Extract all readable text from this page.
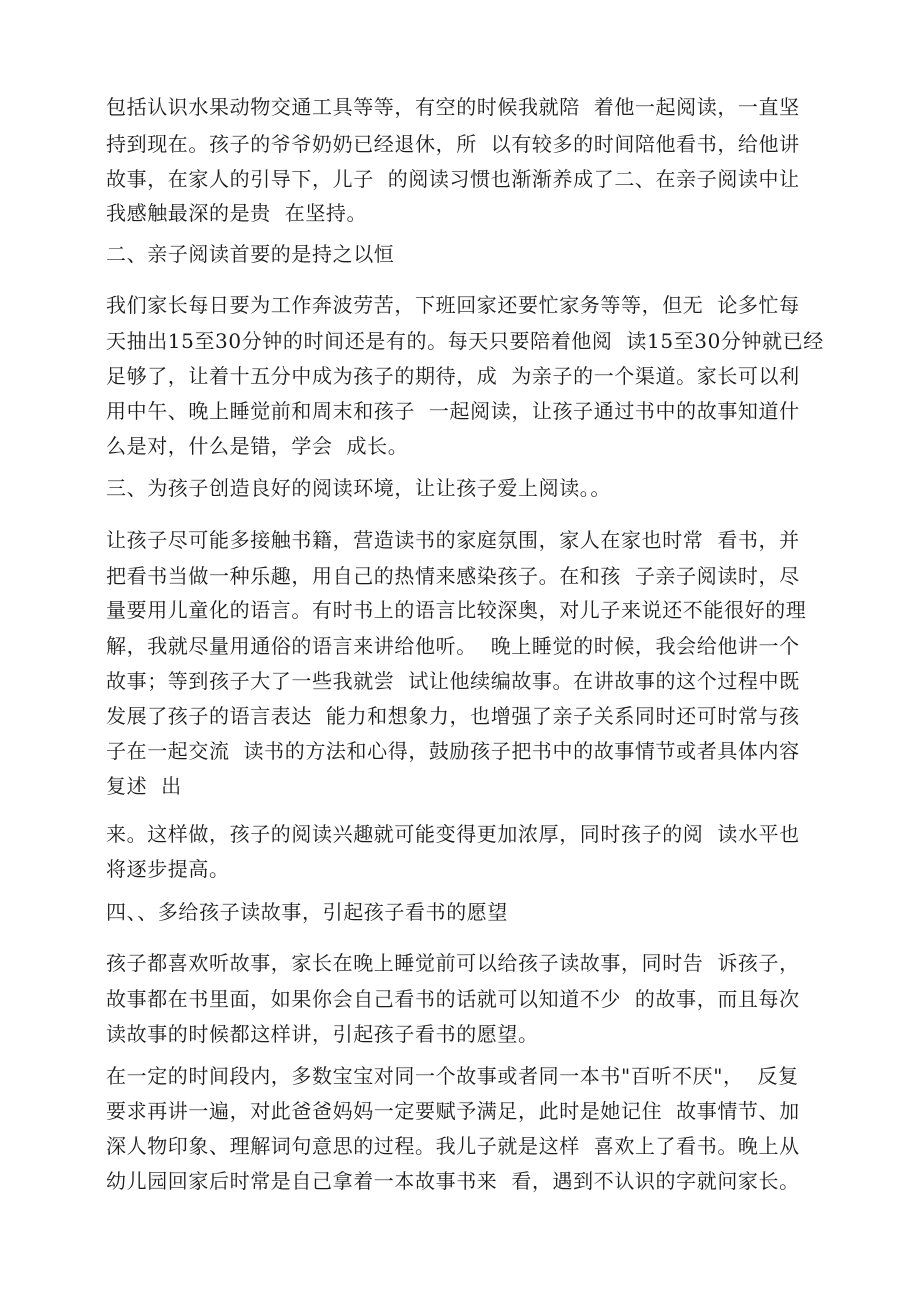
包括认识水果动物交通工具等等，有空的时候我就陪  着他一起阅读，一直坚

持到现在。孩子的爷爷奶奶已经退休，所  以有较多的时间陪他看书，给他讲

故事，在家人的引导下，儿子  的阅读习惯也渐渐养成了二、在亲子阅读中让

我感触最深的是贵  在坚持。

二、亲子阅读首要的是持之以恒

我们家长每日要为工作奔波劳苦，下班回家还要忙家务等等，但无  论多忙每

天抽出15至30分钟的时间还是有的。每天只要陪着他阅  读15至30分钟就已经

足够了，让着十五分中成为孩子的期待，成  为亲子的一个渠道。家长可以利

用中午、晚上睡觉前和周末和孩子  一起阅读，让孩子通过书中的故事知道什

么是对，什么是错，学会  成长。

三、为孩子创造良好的阅读环境，让让孩子爱上阅读。。

让孩子尽可能多接触书籍，营造读书的家庭氛围，家人在家也时常  看书，并

把看书当做一种乐趣，用自己的热情来感染孩子。在和孩  子亲子阅读时，尽

量要用儿童化的语言。有时书上的语言比较深奥，对儿子来说还不能很好的理

解，我就尽量用通俗的语言来讲给他听。  晚上睡觉的时候，我会给他讲一个

故事；等到孩子大了一些我就尝  试让他续编故事。在讲故事的这个过程中既

发展了孩子的语言表达  能力和想象力，也增强了亲子关系同时还可时常与孩

子在一起交流  读书的方法和心得，鼓励孩子把书中的故事情节或者具体内容

复述  出

来。这样做，孩子的阅读兴趣就可能变得更加浓厚，同时孩子的阅  读水平也

将逐步提高。

四、、多给孩子读故事，引起孩子看书的愿望

孩子都喜欢听故事，家长在晚上睡觉前可以给孩子读故事，同时告  诉孩子，

故事都在书里面，如果你会自己看书的话就可以知道不少  的故事，而且每次

读故事的时候都这样讲，引起孩子看书的愿望。

在一定的时间段内，多数宝宝对同一个故事或者同一本书"百听不厌"，  反复

要求再讲一遍，对此爸爸妈妈一定要赋予满足，此时是她记住  故事情节、加

深人物印象、理解词句意思的过程。我儿子就是这样  喜欢上了看书。晚上从

幼儿园回家后时常是自己拿着一本故事书来  看，遇到不认识的字就问家长。
